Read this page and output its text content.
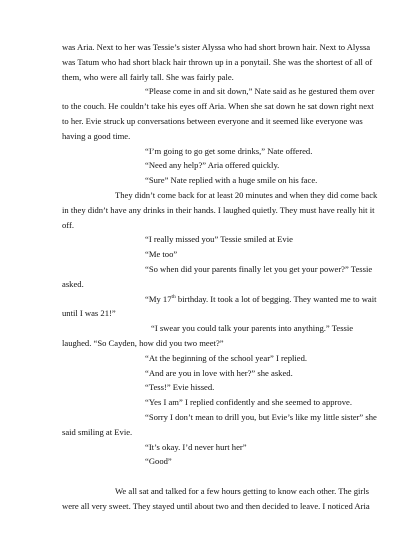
was Aria. Next to her was Tessie’s sister Alyssa who had short brown hair. Next to Alyssa was Tatum who had short black hair thrown up in a ponytail. She was the shortest of all of them, who were all fairly tall. She was fairly pale.

“Please come in and sit down,” Nate said as he gestured them over to the couch. He couldn’t take his eyes off Aria. When she sat down he sat down right next to her. Evie struck up conversations between everyone and it seemed like everyone was having a good time.

“I’m going to go get some drinks,” Nate offered.

“Need any help?” Aria offered quickly.

“Sure” Nate replied with a huge smile on his face.

They didn’t come back for at least 20 minutes and when they did come back in they didn’t have any drinks in their hands. I laughed quietly. They must have really hit it off.

“I really missed you” Tessie smiled at Evie

“Me too”

“So when did your parents finally let you get your power?” Tessie asked.

“My 17th birthday. It took a lot of begging. They wanted me to wait until I was 21!”

“I swear you could talk your parents into anything.” Tessie laughed. “So Cayden, how did you two meet?”

“At the beginning of the school year” I replied.

“And are you in love with her?” she asked.

“Tess!” Evie hissed.

“Yes I am” I replied confidently and she seemed to approve.

“Sorry I don’t mean to drill you, but Evie’s like my little sister” she said smiling at Evie.

“It’s okay. I’d never hurt her”

“Good”

We all sat and talked for a few hours getting to know each other. The girls were all very sweet. They stayed until about two and then decided to leave. I noticed Aria
